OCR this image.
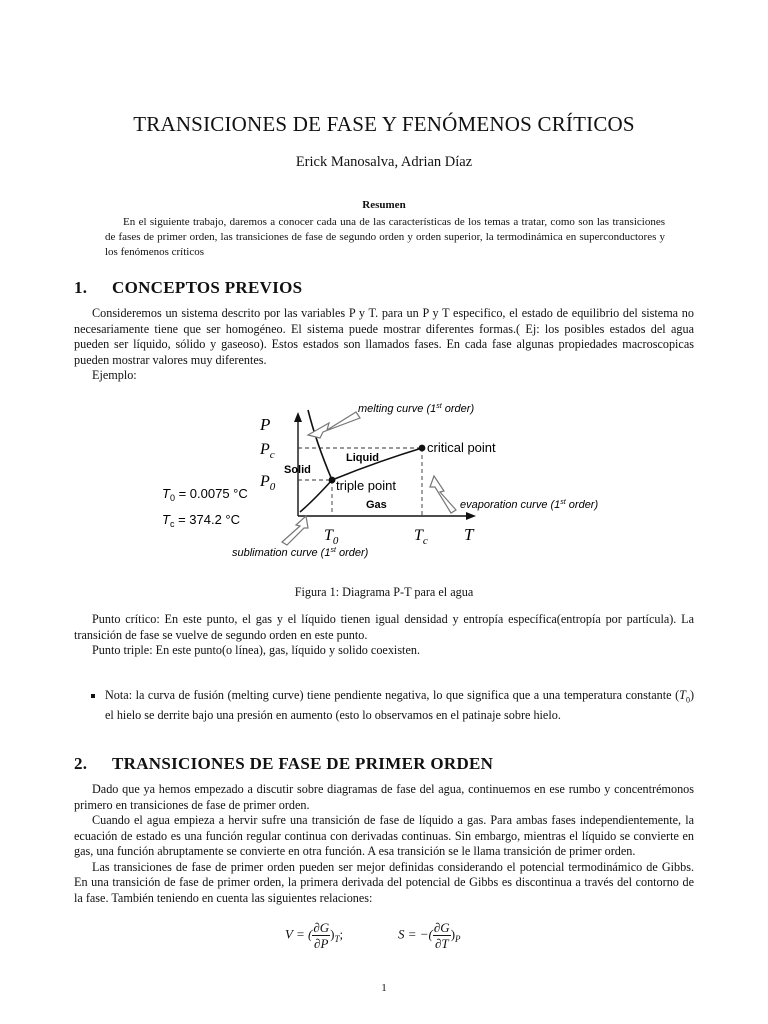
TRANSICIONES DE FASE Y FENÓMENOS CRÍTICOS
Erick Manosalva, Adrian Díaz
Resumen
En el siguiente trabajo, daremos a conocer cada una de las características de los temas a tratar, como son las transiciones de fases de primer orden, las transiciones de fase de segundo orden y orden superior, la termodinámica en superconductores y los fenómenos críticos
1. CONCEPTOS PREVIOS

Consideremos un sistema descrito por las variables P y T. para un P y T especifico, el estado de equilibrio del sistema no necesariamente tiene que ser homogéneo. El sistema puede mostrar diferentes formas.( Ej: los posibles estados del agua pueden ser líquido, sólido y gaseoso). Estos estados son llamados fases. En cada fase algunas propiedades macroscopicas pueden mostrar valores muy diferentes.

Ejemplo:

P
$P_c$
$P_0$
$T_0$	$T_c$ T
Solid
Liquid
Gas
critical point
triple point
melting curve (1st order)
evaporation curve (1st order)
sublimation curve (1st order)
$T_0 = 0.0075$ °C
$T_c = 374.2$ °C
Figura 1: Diagrama P-T para el agua

Punto crítico: En este punto, el gas y el líquido tienen igual densidad y entropía específica(entropía por partícula). La transición de fase se vuelve de segundo orden en este punto.

Punto triple: En este punto(o línea), gas, líquido y solido coexisten.

Nota: la curva de fusión (melting curve) tiene pendiente negativa, lo que significa que a una temperatura constante $(T_0)$ el hielo se derrite bajo una presión en aumento (esto lo observamos en el patinaje sobre hielo.
2. TRANSICIONES DE FASE DE PRIMER ORDEN

Dado que ya hemos empezado a discutir sobre diagramas de fase del agua, continuemos en ese rumbo y concentrémonos primero en transiciones de fase de primer orden.

Cuando el agua empieza a hervir sufre una transición de fase de líquido a gas. Para ambas fases independientemente, la ecuación de estado es una función regular continua con derivadas continuas. Sin embargo, mientras el líquido se convierte en gas, una función abruptamente se convierte en otra función. A esa transición se le llama transición de primer orden.

Las transiciones de fase de primer orden pueden ser mejor definidas considerando el potencial termodinámico de Gibbs. En una transición de fase de primer orden, la primera derivada del potencial de Gibbs es discontinua a través del contorno de la fase. También teniendo en cuenta las siguientes relaciones:

V = ( $\frac{\partial G}{\partial P} )_T$;	S = −( $\frac{\partial G}{\partial T} )_P$
1
